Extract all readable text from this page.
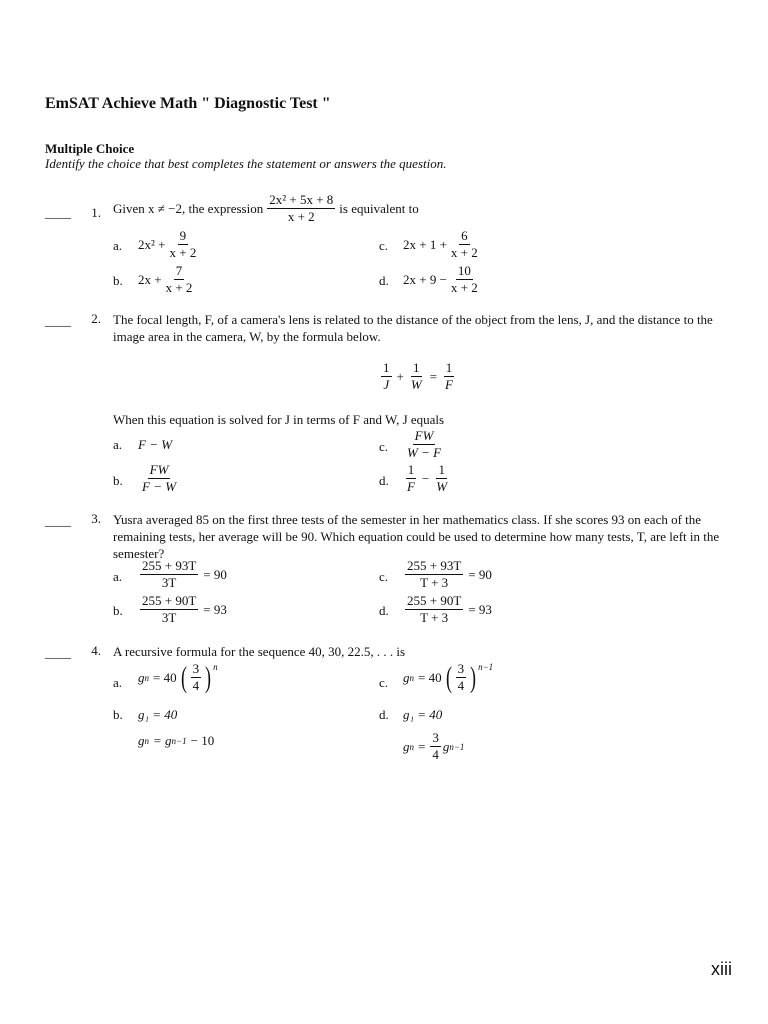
EmSAT Achieve Math " Diagnostic Test "
Multiple Choice
Identify the choice that best completes the statement or answers the question.
____	1. Given x ≠ −2, the expression $\frac{\text{2x² + 5x + 8}}{x + 2}$ is equivalent to
a. $2x^2 + \frac{9}{x + 2}$
b. $2x + \frac{7}{x + 2}$
c. $2x + 1 + \frac{6}{x + 2}$
d. $2x + 9 - \frac{10}{x + 2}$
____	2. The focal length, F, of a camera's lens is related to the distance of the object from the lens, J, and the distance to the image area in the camera, W, by the formula below.
$\frac{1}{J} + \frac{1}{W} = \frac{1}{F}$
When this equation is solved for J in terms of F and W, J equals
a. F − W
b. $\frac{FW}{F - W}$
c. $\frac{FW}{W - F}$
d. $\frac{1}{F} - \frac{1}{W}$
____	3. Yusra averaged 85 on the first three tests of the semester in her mathematics class. If she scores 93 on each of the remaining tests, her average will be 90. Which equation could be used to determine how many tests, T, are left in the semester?
a. $\frac{255 + 93T}{3T} = 90$
b. $\frac{255 + 90T}{3T} = 93$
c. $\frac{255 + 93T}{T + 3} = 90$
d. $\frac{255 + 90T}{T + 3} = 93$
____	4. A recursive formula for the sequence 40, 30, 22.5, . . . is
a. g n = 40 ( $\frac{3}{4} )^n$
b. g₁ = 40
g n = g n−1 − 10
c. g n = 40 ( $\frac{3}{4} )^{n-1}$
d. g₁ = 40
g $n = \frac{3}{4}$ g n−1
xiii
